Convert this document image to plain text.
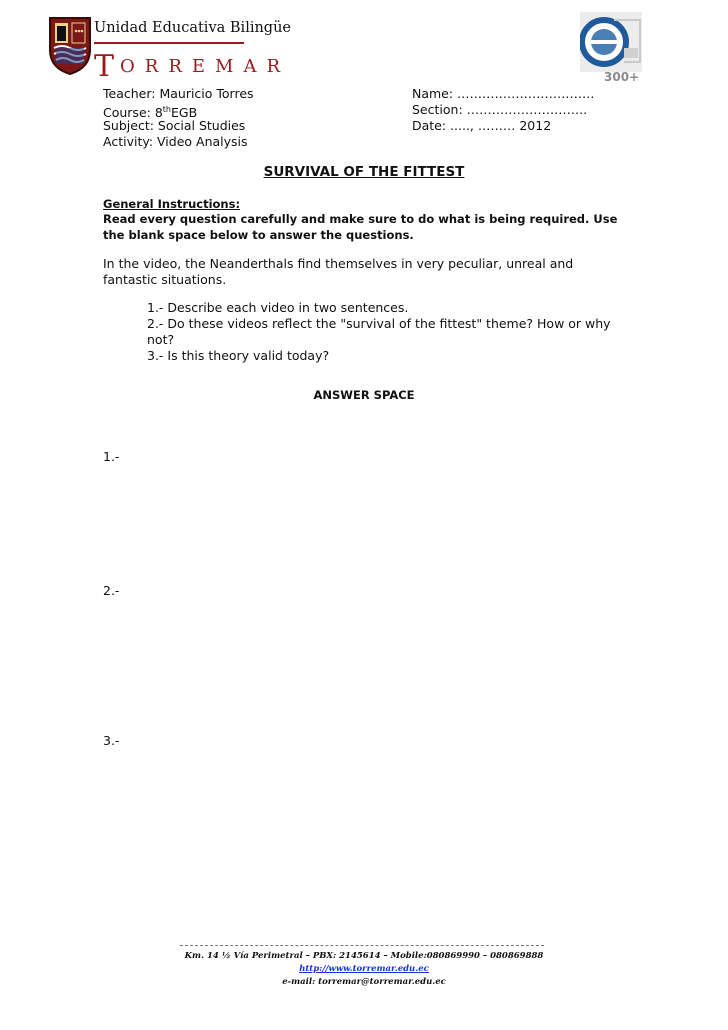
Unidad Educativa Bilingüe
TORREMAR	300+
Teacher: Mauricio Torres
Course: 8thEGB
Subject: Social Studies
Activity: Video Analysis
Name: ……………………………
Section: ………………………..
Date: ....., ……… 2012
SURVIVAL OF THE FITTEST
General Instructions:
Read every question carefully and make sure to do what is being required. Use the blank space below to answer the questions.
In the video, the Neanderthals find themselves in very peculiar, unreal and fantastic situations.
1.- Describe each video in two sentences.
2.- Do these videos reflect the "survival of the fittest" theme? How or why not?
3.- Is this theory valid today?
ANSWER SPACE
1.-
2.-
3.-
Km. 14 ½ Vía Perimetral – PBX: 2145614 – Mobile:080869990 – 080869888
http://www.torremar.edu.ec
e-mail: torremar@torremar.edu.ec
